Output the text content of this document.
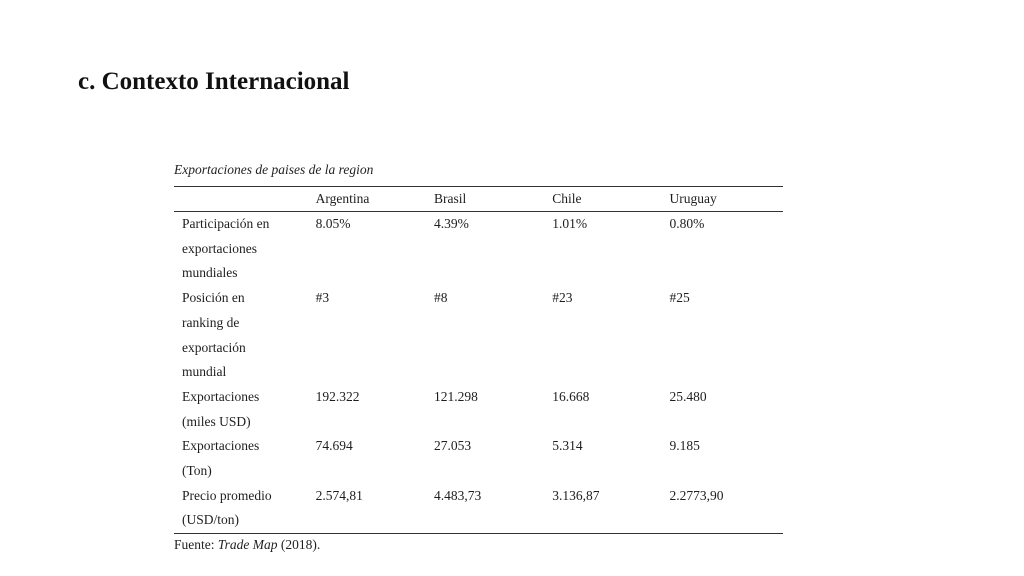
c. Contexto Internacional
Exportaciones de paises de la region
	Argentina	Brasil	Chile	Uruguay

Participación en
exportaciones
mundiales	8.05%	4.39%	1.01%	0.80%

Posición en
ranking de
exportación
mundial	#3	#8	#23	#25

Exportaciones
(miles USD)	192.322	121.298	16.668	25.480

Exportaciones
(Ton)	74.694	27.053	5.314	9.185

Precio promedio
(USD/ton)	2.574,81	4.483,73	3.136,87	2.2773,90
Fuente: Trade Map (2018).
